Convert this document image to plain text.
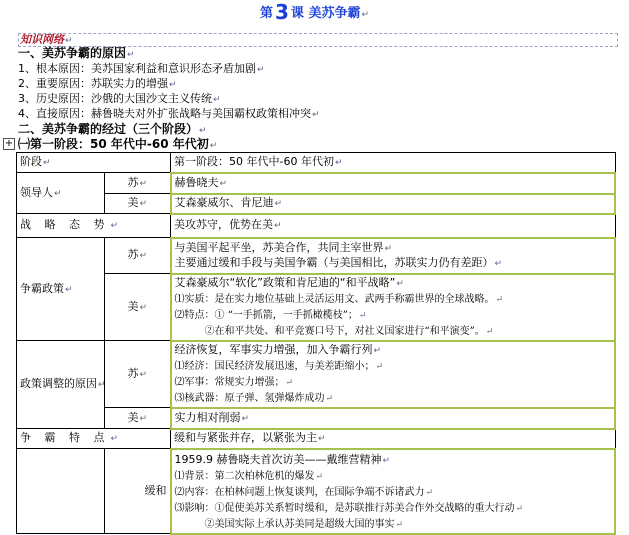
第 3 课 美苏争霸↵
知识网络↵
一、美苏争霸的原因↵
1、根本原因：美苏国家利益和意识形态矛盾加剧↵
2、重要原因：苏联实力的增强↵
3、历史原因：沙俄的大国沙文主义传统↵
4、直接原因：赫鲁晓夫对外扩张战略与美国霸权政策相冲突↵
二、美苏争霸的经过（三个阶段）↵
+ ㈠第一阶段：50 年代中-60 年代初↵
阶段↵		第一阶段：50 年代中-60 年代初↵
领导人↵	苏↵	赫鲁晓夫↵
	美↵	艾森豪威尔、肯尼迪↵
战 略 态 势↵		美攻苏守，优势在美↵
争霸政策↵	苏↵	与美国平起平坐，苏美合作，共同主宰世界↵
主要通过缓和手段与美国争霸（与美国相比，苏联实力仍有差距）↵

	美↵	艾森豪威尔“软化”政策和肯尼迪的“和平战略”↵
⑴实质：是在实力地位基础上灵活运用文、武两手称霸世界的全球战略。↵
⑵特点：① “一手抓箭，一手抓橄榄枝”；↵
②在和平共处、和平竞赛口号下，对社义国家进行“和平演变”。↵

政策调整的原因↵	苏↵	经济恢复，军事实力增强，加入争霸行列↵
⑴经济：国民经济发展迅速，与美差距缩小；↵
⑵军事：常规实力增强；↵
⑶核武器：原子弹、氢弹爆炸成功↵

	美↵	实力相对削弱↵
争 霸 特 点↵		缓和与紧张并存，以紧张为主↵
	缓和	1959.9 赫鲁晓夫首次访美——戴维营精神↵
⑴背景：第二次柏林危机的爆发↵
⑵内容：在柏林问题上恢复谈判，在国际争端不诉诸武力↵
⑶影响：①促使美苏关系暂时缓和，是苏联推行苏美合作外交战略的重大行动↵
②美国实际上承认苏美同是超级大国的事实↵
